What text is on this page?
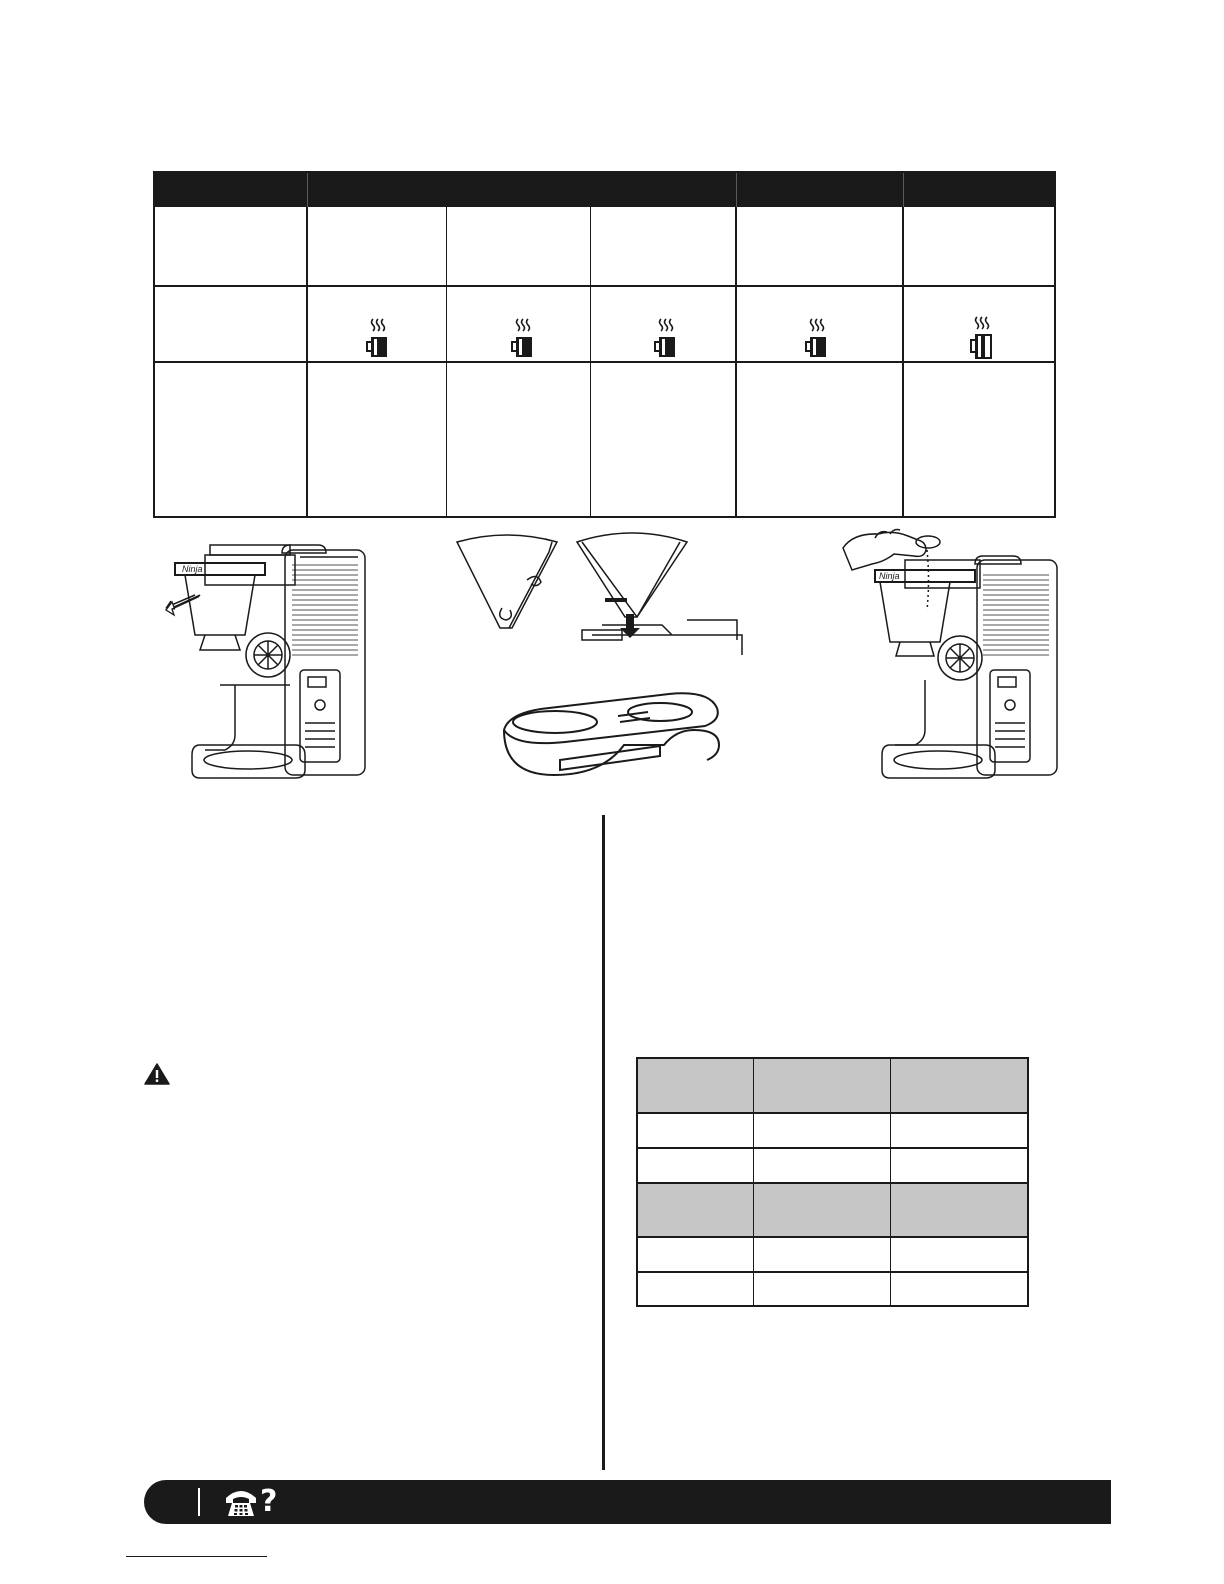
Ninja
Ninja
?
